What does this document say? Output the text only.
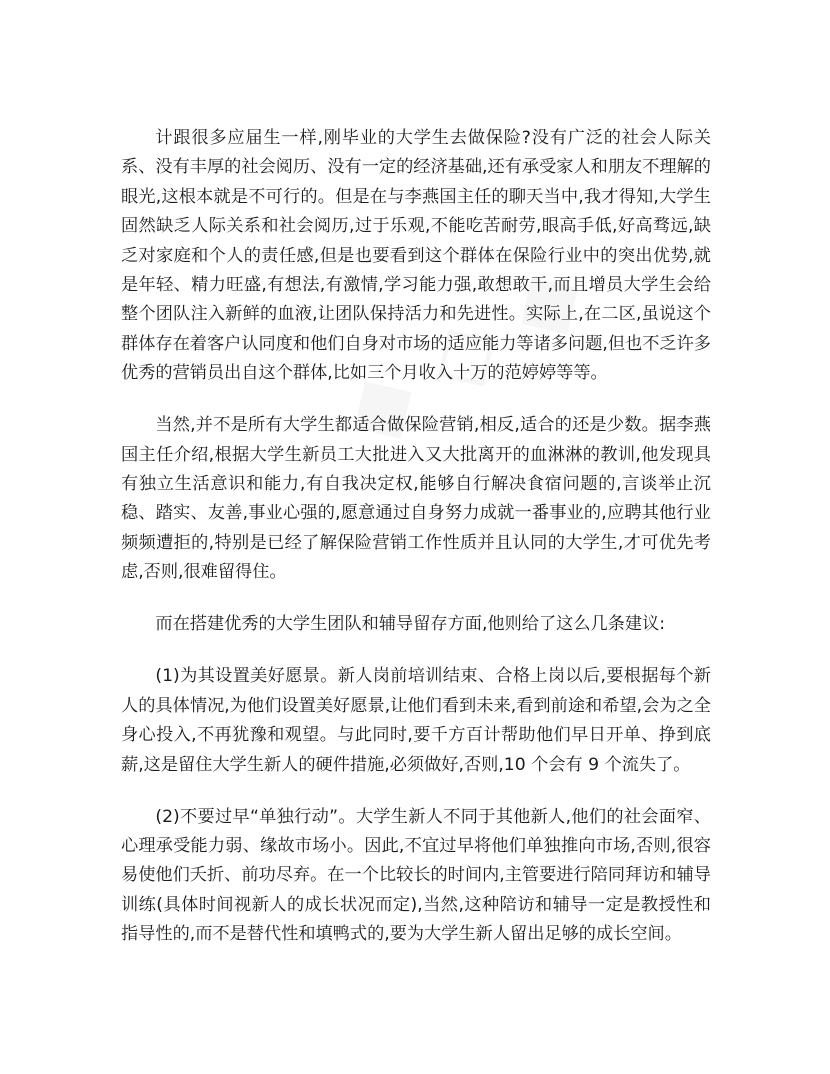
计跟很多应届生一样,刚毕业的大学生去做保险?没有广泛的社会人际关系、没有丰厚的社会阅历、没有一定的经济基础,还有承受家人和朋友不理解的眼光,这根本就是不可行的。但是在与李燕国主任的聊天当中,我才得知,大学生固然缺乏人际关系和社会阅历,过于乐观,不能吃苦耐劳,眼高手低,好高骛远,缺乏对家庭和个人的责任感,但是也要看到这个群体在保险行业中的突出优势,就是年轻、精力旺盛,有想法,有激情,学习能力强,敢想敢干,而且增员大学生会给整个团队注入新鲜的血液,让团队保持活力和先进性。实际上,在二区,虽说这个群体存在着客户认同度和他们自身对市场的适应能力等诸多问题,但也不乏许多优秀的营销员出自这个群体,比如三个月收入十万的范婷婷等等。

当然,并不是所有大学生都适合做保险营销,相反,适合的还是少数。据李燕国主任介绍,根据大学生新员工大批进入又大批离开的血淋淋的教训,他发现具有独立生活意识和能力,有自我决定权,能够自行解决食宿问题的,言谈举止沉稳、踏实、友善,事业心强的,愿意通过自身努力成就一番事业的,应聘其他行业频频遭拒的,特别是已经了解保险营销工作性质并且认同的大学生,才可优先考虑,否则,很难留得住。

而在搭建优秀的大学生团队和辅导留存方面,他则给了这么几条建议:

(1)为其设置美好愿景。新人岗前培训结束、合格上岗以后,要根据每个新人的具体情况,为他们设置美好愿景,让他们看到未来,看到前途和希望,会为之全身心投入,不再犹豫和观望。与此同时,要千方百计帮助他们早日开单、挣到底薪,这是留住大学生新人的硬件措施,必须做好,否则,10 个会有 9 个流失了。

(2)不要过早“单独行动”。大学生新人不同于其他新人,他们的社会面窄、心理承受能力弱、缘故市场小。因此,不宜过早将他们单独推向市场,否则,很容易使他们夭折、前功尽弃。在一个比较长的时间内,主管要进行陪同拜访和辅导训练(具体时间视新人的成长状况而定),当然,这种陪访和辅导一定是教授性和指导性的,而不是替代性和填鸭式的,要为大学生新人留出足够的成长空间。
